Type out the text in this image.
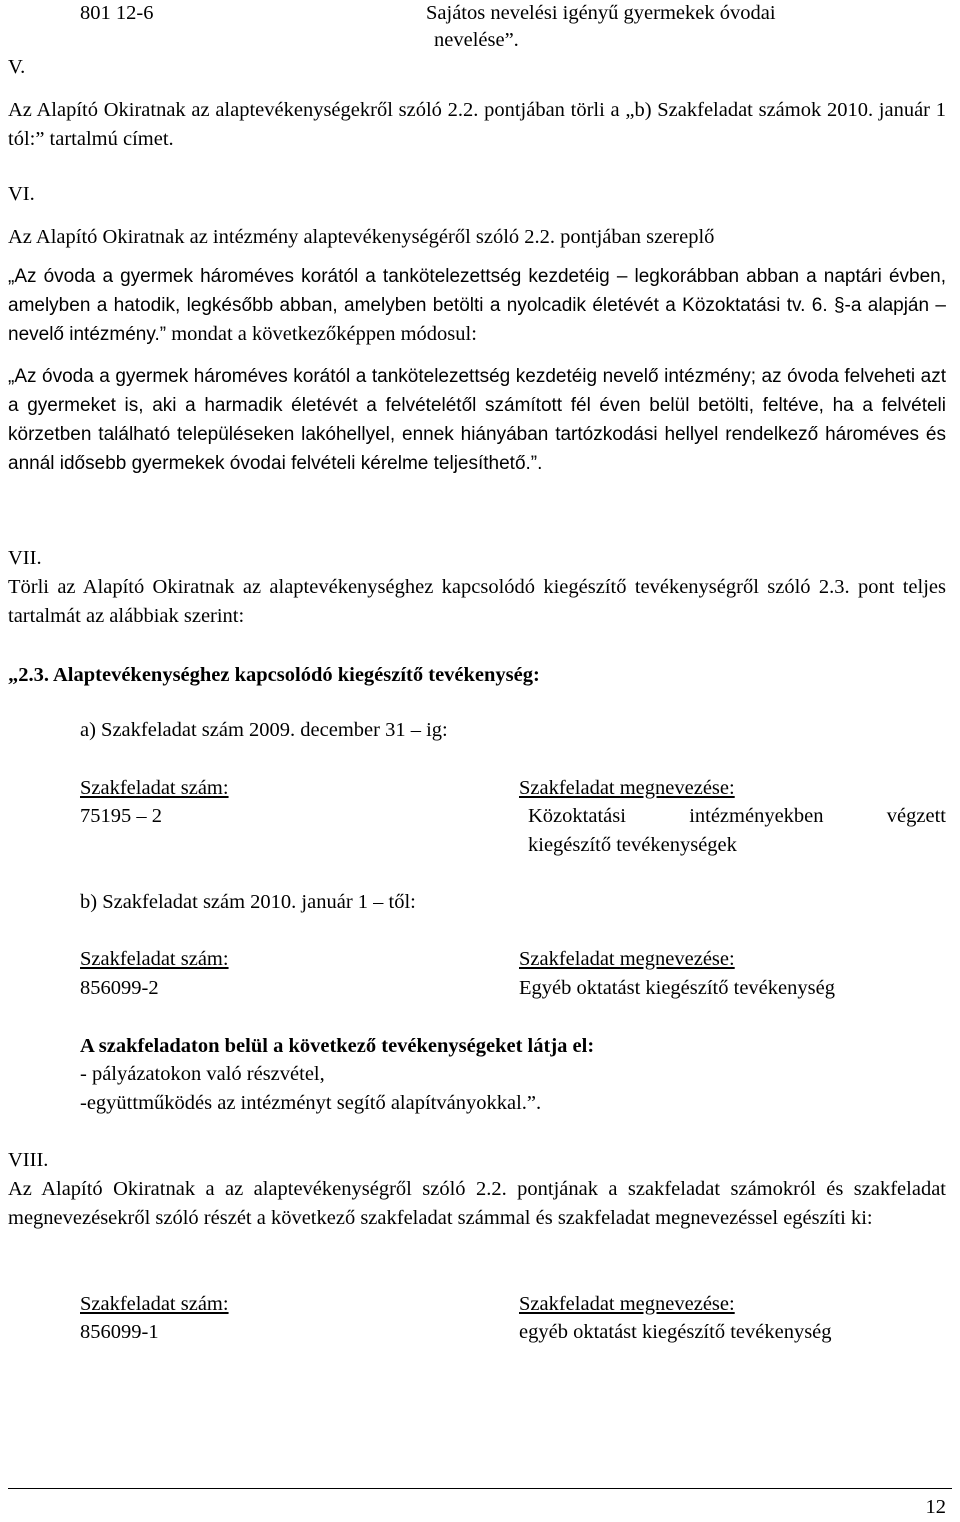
801 12-6	Sajátos nevelési igényű gyermekek óvodai
nevelése”.
V.
Az Alapító Okiratnak az alaptevékenységekről szóló 2.2. pontjában törli a „b) Szakfeladat számok 2010. január 1 tól:” tartalmú címet.
VI.
Az Alapító Okiratnak az intézmény alaptevékenységéről szóló 2.2. pontjában szereplő
„Az óvoda a gyermek hároméves korától a tankötelezettség kezdetéig – legkorábban abban a naptári évben, amelyben a hatodik, legkésőbb abban, amelyben betölti a nyolcadik életévét a Közoktatási tv. 6. §-a alapján – nevelő intézmény.” mondat a következőképpen módosul:
„Az óvoda a gyermek hároméves korától a tankötelezettség kezdetéig nevelő intézmény; az óvoda felveheti azt a gyermeket is, aki a harmadik életévét a felvételétől számított fél éven belül betölti, feltéve, ha a felvételi körzetben található településeken lakóhellyel, ennek hiányában tartózkodási hellyel rendelkező hároméves és annál idősebb gyermekek óvodai felvételi kérelme teljesíthető.”.
VII.
Törli az Alapító Okiratnak az alaptevékenységhez kapcsolódó kiegészítő tevékenységről szóló 2.3. pont teljes tartalmát az alábbiak szerint:
„2.3. Alaptevékenységhez kapcsolódó kiegészítő tevékenység:
a) Szakfeladat szám 2009. december 31 – ig:
Szakfeladat szám:	Szakfeladat megnevezése:
75195 – 2	Közoktatási intézményekben végzett
kiegészítő tevékenységek
b) Szakfeladat szám 2010. január 1 – től:
Szakfeladat szám:	Szakfeladat megnevezése:
856099-2	Egyéb oktatást kiegészítő tevékenység
A szakfeladaton belül a következő tevékenységeket látja el:
- pályázatokon való részvétel,
-együttműködés az intézményt segítő alapítványokkal.”.
VIII.
Az Alapító Okiratnak a az alaptevékenységről szóló 2.2. pontjának a szakfeladat számokról és szakfeladat megnevezésekről szóló részét a következő szakfeladat számmal és szakfeladat megnevezéssel egészíti ki:
Szakfeladat szám:	Szakfeladat megnevezése:
856099-1	egyéb oktatást kiegészítő tevékenység
12
